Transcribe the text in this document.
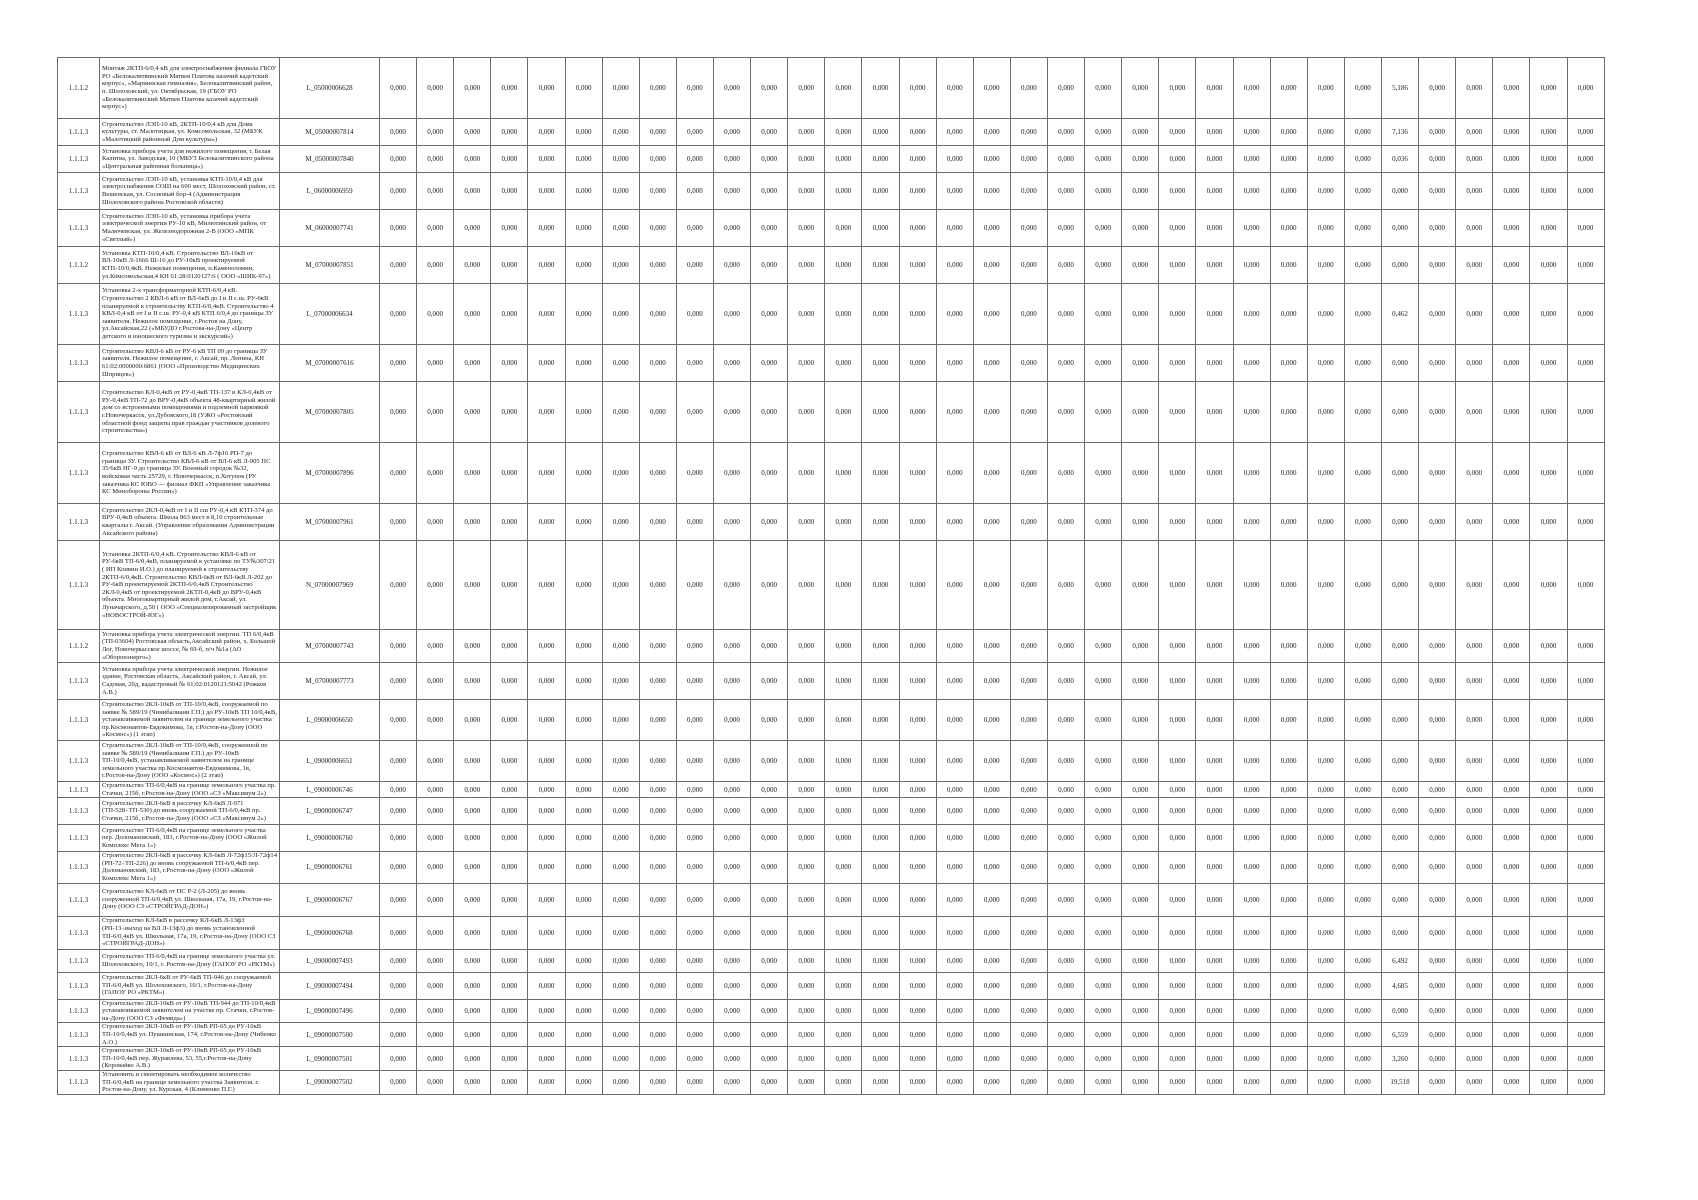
1.1.1.2	Монтаж 2КТП-6/0,4 кВ для электроснабжения филиала ГБОУ РО «Белокалитвинский Матвея Платова казачий кадетский корпус», «Мариинская гимназия», Белокалитвинский район, п. Шолоховский, ул. Октябрьская, 19 (ГБОУ РО «Белокалитвинский Матвея Платова казачий кадетский корпус»)	L_05000006628	0,000	0,000	0,000	0,000	0,000	0,000	0,000	0,000	0,000	0,000	0,000	0,000	0,000	0,000	0,000	0,000	0,000	0,000	0,000	0,000	0,000	0,000	0,000	0,000	0,000	0,000	0,000	5,186	0,000	0,000	0,000	0,000	0,000
1.1.1.3	Строительство ЛЭП-10 кВ, 2КТП-10/0,4 кВ для Дома культуры, ст. Малотицкая, ул. Комсомольская, 32 (МБУК «Малотицкий районный Дом культуры»)	M_05000007814	0,000	0,000	0,000	0,000	0,000	0,000	0,000	0,000	0,000	0,000	0,000	0,000	0,000	0,000	0,000	0,000	0,000	0,000	0,000	0,000	0,000	0,000	0,000	0,000	0,000	0,000	0,000	7,136	0,000	0,000	0,000	0,000	0,000
1.1.1.3	Установка прибора учета для нежилого помещения, г. Белая Калитва, ул. Заводская, 10 (МБУЗ Белокалитвинского района «Центральная районная больница»)	M_05000007840	0,000	0,000	0,000	0,000	0,000	0,000	0,000	0,000	0,000	0,000	0,000	0,000	0,000	0,000	0,000	0,000	0,000	0,000	0,000	0,000	0,000	0,000	0,000	0,000	0,000	0,000	0,000	0,036	0,000	0,000	0,000	0,000	0,000
1.1.1.3	Строительство ЛЭП-10 кВ, установка КТП-10/0,4 кВ для электроснабжения СОШ на 600 мест, Шолоховский район, ст. Вешенская, ул. Сосновый бор-4 (Администрация Шолоховского района Ростовской области)	L_06000006959	0,000	0,000	0,000	0,000	0,000	0,000	0,000	0,000	0,000	0,000	0,000	0,000	0,000	0,000	0,000	0,000	0,000	0,000	0,000	0,000	0,000	0,000	0,000	0,000	0,000	0,000	0,000	0,000	0,000	0,000	0,000	0,000	0,000
1.1.1.3	Строительство ЛЭП-10 кВ, установка прибора учета электрической энергии РУ-10 кВ, Милютинский район, от Малючевская, ул. Железнодорожная 2-В (ООО «МПК «Светлый»)	M_06000007741	0,000	0,000	0,000	0,000	0,000	0,000	0,000	0,000	0,000	0,000	0,000	0,000	0,000	0,000	0,000	0,000	0,000	0,000	0,000	0,000	0,000	0,000	0,000	0,000	0,000	0,000	0,000	0,000	0,000	0,000	0,000	0,000	0,000
1.1.1.2	Установка КТП-10/0,4 кВ. Строительство ВЛ-10кВ от ВЛ-10кВ Л-1666 Ш-16 до РУ-10кВ проектируемой КТП-10/0,4кВ. Нежилые помещения, п.Каменоломни, ул.Комсомольская,4 КН 61:28:0120127:6 ( ООО «ШИК-97»)	M_07000007851	0,000	0,000	0,000	0,000	0,000	0,000	0,000	0,000	0,000	0,000	0,000	0,000	0,000	0,000	0,000	0,000	0,000	0,000	0,000	0,000	0,000	0,000	0,000	0,000	0,000	0,000	0,000	0,000	0,000	0,000	0,000	0,000	0,000
1.1.1.3	Установка 2-х трансформаторной КТП-6/0,4 кВ. Строительство 2 КВЛ-6 кВ от ВЛ-6кВ до I и II с.ш. РУ-6кВ планируемой к строительству КТП-6/0,4кВ. Строительство 4 КВЛ-0,4 кВ от I и II с.ш. РУ-0,4 кВ КТП 6/0,4 до границы ЗУ заявителя. Нежилое помещение, г.Ростов на Дону, ул.Аксайская,22 («МБУДО г.Ростова-на-Дону «Центр детского и юношеского туризма и экскурсий»)	L_07000006634	0,000	0,000	0,000	0,000	0,000	0,000	0,000	0,000	0,000	0,000	0,000	0,000	0,000	0,000	0,000	0,000	0,000	0,000	0,000	0,000	0,000	0,000	0,000	0,000	0,000	0,000	0,000	0,462	0,000	0,000	0,000	0,000	0,000
1.1.1.3	Строительство КВЛ-6 кВ от РУ-6 кВ ТП 09 до границы ЗУ заявителя. Нежилое помещение, г. Аксай, пр. Ленина, КН 61:02:0000000:6861 (ООО «Производство Медицинских Шприцев»)	M_07000007616	0,000	0,000	0,000	0,000	0,000	0,000	0,000	0,000	0,000	0,000	0,000	0,000	0,000	0,000	0,000	0,000	0,000	0,000	0,000	0,000	0,000	0,000	0,000	0,000	0,000	0,000	0,000	0,000	0,000	0,000	0,000	0,000	0,000
1.1.1.3	Строительство КЛ-0,4кВ от РУ-0,4кВ ТП-137 и КЛ-0,4кВ от РУ-0,4кВ ТП-72 до ВРУ-0,4кВ объекта 48-квартирный жилой дом со встроенными помещениями и подземной парковкой г.Новочеркасск, ул.Дубовского,18 (УЖО «Ростовский областной фонд защиты прав граждан участников долевого строительства»)	M_07000007805	0,000	0,000	0,000	0,000	0,000	0,000	0,000	0,000	0,000	0,000	0,000	0,000	0,000	0,000	0,000	0,000	0,000	0,000	0,000	0,000	0,000	0,000	0,000	0,000	0,000	0,000	0,000	0,000	0,000	0,000	0,000	0,000	0,000
1.1.1.3	Строительство КВЛ-6 кВ от ВЛ-6 кВ Л-7ф16 РП-7 до границы ЗУ. Строительство КВЛ-6 кВ от ВЛ-6 кВ Л-905 ПС 35/6кВ НГ-9 до границы ЗУ. Военный городок №32, войсковая часть 25729, г. Новочеркасск, п.Хотунок (РУ заказчика КС ЮВО — филиал ФКП «Управление заказчика КС Минобороны России»)	M_07000007896	0,000	0,000	0,000	0,000	0,000	0,000	0,000	0,000	0,000	0,000	0,000	0,000	0,000	0,000	0,000	0,000	0,000	0,000	0,000	0,000	0,000	0,000	0,000	0,000	0,000	0,000	0,000	0,000	0,000	0,000	0,000	0,000	0,000
1.1.1.3	Строительство 2КЛ-0,4кВ от I и II сш РУ-0,4 кВ КТП-374 до ВРУ-0,4кВ объекта. Школа 863 мест в 8,10 строительные кварталы г. Аксай. (Управление образования Администрации Аксайского района)	M_07000007961	0,000	0,000	0,000	0,000	0,000	0,000	0,000	0,000	0,000	0,000	0,000	0,000	0,000	0,000	0,000	0,000	0,000	0,000	0,000	0,000	0,000	0,000	0,000	0,000	0,000	0,000	0,000	0,000	0,000	0,000	0,000	0,000	0,000
1.1.1.3	Установка 2КТП-6/0,4 кВ. Строительство КВЛ-6 кВ от РУ-6кВ ТП-6/0,4кВ, планируемой к установке по ТУ№307/21 ( ИП Конвин И.О.) до планируемой к строительству 2КТП-6/0,4кВ. Строительство КВЛ-6кВ от ВЛ-6кВ Л-202 до РУ-6кВ проектируемой 2КТП-6/0,4кВ Строительство 2КЛ-0,4кВ от проектируемой 2КТП-0,4кВ до ВРУ-0,4кВ объекта. Многоквартирный жилой дом, г.Аксай, ул. Луначарского, д.50 ( ООО «Специализированный застройщик «НОВОСТРОЙ-ЮГ»)	N_07000007969	0,000	0,000	0,000	0,000	0,000	0,000	0,000	0,000	0,000	0,000	0,000	0,000	0,000	0,000	0,000	0,000	0,000	0,000	0,000	0,000	0,000	0,000	0,000	0,000	0,000	0,000	0,000	0,000	0,000	0,000	0,000	0,000	0,000
1.1.1.2	Установка прибора учета электрической энергии. ТП 6/0,4кВ (ТП-03604) Ростовская область,Аксайский район, х. Большой Лог, Новочеркасское шоссе, № 69-б, п/ч №1а (АО «Оборонэнерго»)	M_07000007743	0,000	0,000	0,000	0,000	0,000	0,000	0,000	0,000	0,000	0,000	0,000	0,000	0,000	0,000	0,000	0,000	0,000	0,000	0,000	0,000	0,000	0,000	0,000	0,000	0,000	0,000	0,000	0,000	0,000	0,000	0,000	0,000	0,000
1.1.1.3	Установка прибора учета электрической энергии. Нежилое здание, Ростовская область, Аксайский район, г. Аксай, ул. Садовая, 20д, кадастровый № 61:02:0120121:5042 (Рожков А.В.)	M_07000007773	0,000	0,000	0,000	0,000	0,000	0,000	0,000	0,000	0,000	0,000	0,000	0,000	0,000	0,000	0,000	0,000	0,000	0,000	0,000	0,000	0,000	0,000	0,000	0,000	0,000	0,000	0,000	0,000	0,000	0,000	0,000	0,000	0,000
1.1.1.3	Строительство 2КЛ-10кВ от ТП-10/0,4кВ, сооружаемой по заявке № 589/19 (Чинибалиани Г.П.) до РУ-10кВ ТП 10/0,4кВ, устанавливаемой заявителем на границе земельного участка пр.Космонавтов-Евдокимова, 1в, г.Ростов-на-Дону (ООО «Космос») (1 этап)	L_09000006650	0,000	0,000	0,000	0,000	0,000	0,000	0,000	0,000	0,000	0,000	0,000	0,000	0,000	0,000	0,000	0,000	0,000	0,000	0,000	0,000	0,000	0,000	0,000	0,000	0,000	0,000	0,000	0,000	0,000	0,000	0,000	0,000	0,000
1.1.1.3	Строительство 2КЛ-10кВ от ТП-10/0,4кВ, сооруженной по заявке № 589/19 (Чинибалиани Г.П.) до РУ-10кВ ТП-10/0,4кВ, устанавливаемой заявителем на границе земельного участка пр.Космонавтов-Евдокимова, 1в, г.Ростов-на-Дону (ООО «Космос») (2 этап)	L_09000006651	0,000	0,000	0,000	0,000	0,000	0,000	0,000	0,000	0,000	0,000	0,000	0,000	0,000	0,000	0,000	0,000	0,000	0,000	0,000	0,000	0,000	0,000	0,000	0,000	0,000	0,000	0,000	0,000	0,000	0,000	0,000	0,000	0,000
1.1.1.3	Строительство ТП-6/0,4кВ на границе земельного участка пр. Стачки, 215б, г.Ростов-на-Дону (ООО «СЗ «Максимум 2»)	L_09000006746	0,000	0,000	0,000	0,000	0,000	0,000	0,000	0,000	0,000	0,000	0,000	0,000	0,000	0,000	0,000	0,000	0,000	0,000	0,000	0,000	0,000	0,000	0,000	0,000	0,000	0,000	0,000	0,000	0,000	0,000	0,000	0,000	0,000
1.1.1.3	Строительство 2КЛ-6кВ в рассечку КЛ-6кВ Л-971 (ТП-528÷ТП-530) до вновь сооружаемой ТП-6/0,4кВ пр. Стачки, 215б, г.Ростов-на-Дону (ООО «СЗ «Максимум 2»)	L_09000006747	0,000	0,000	0,000	0,000	0,000	0,000	0,000	0,000	0,000	0,000	0,000	0,000	0,000	0,000	0,000	0,000	0,000	0,000	0,000	0,000	0,000	0,000	0,000	0,000	0,000	0,000	0,000	0,000	0,000	0,000	0,000	0,000	0,000
1.1.1.3	Строительство ТП-6/0,4кВ на границе земельного участка пер. Доломановский, 183, г.Ростов-на-Дону (ООО «Жилой Комплекс Мега 1»)	L_09000006760	0,000	0,000	0,000	0,000	0,000	0,000	0,000	0,000	0,000	0,000	0,000	0,000	0,000	0,000	0,000	0,000	0,000	0,000	0,000	0,000	0,000	0,000	0,000	0,000	0,000	0,000	0,000	0,000	0,000	0,000	0,000	0,000	0,000
1.1.1.3	Строительство 2КЛ-6кВ в рассечку КЛ-6кВ Л-72ф15/Л-72ф14 (РП-72÷ТП-226) до вновь сооружаемой ТП-6/0,4кВ пер. Доломановский, 183, г.Ростов-на-Дону (ООО «Жилой Комплекс Мега 1»)	L_09000006761	0,000	0,000	0,000	0,000	0,000	0,000	0,000	0,000	0,000	0,000	0,000	0,000	0,000	0,000	0,000	0,000	0,000	0,000	0,000	0,000	0,000	0,000	0,000	0,000	0,000	0,000	0,000	0,000	0,000	0,000	0,000	0,000	0,000
1.1.1.3	Строительство КЛ-6кВ от ПС Р-2 (Л-205) до вновь сооруженной ТП-6/0,4кВ ул. Школьная, 17а, 19, г.Ростов-на-Дону (ООО СЗ «СТРОЙГРАД-ДОН»)	L_09000006767	0,000	0,000	0,000	0,000	0,000	0,000	0,000	0,000	0,000	0,000	0,000	0,000	0,000	0,000	0,000	0,000	0,000	0,000	0,000	0,000	0,000	0,000	0,000	0,000	0,000	0,000	0,000	0,000	0,000	0,000	0,000	0,000	0,000
1.1.1.3	Строительство КЛ-6кВ в рассечку КЛ-6кВ Л-13ф3 (РП-13÷выход на ВЛ Л-13ф3) до вновь установленной ТП-6/0,4кВ ул. Школьная, 17а, 19, г.Ростов-на-Дону (ООО СЗ «СТРОЙГРАД-ДОН»)	L_09000006768	0,000	0,000	0,000	0,000	0,000	0,000	0,000	0,000	0,000	0,000	0,000	0,000	0,000	0,000	0,000	0,000	0,000	0,000	0,000	0,000	0,000	0,000	0,000	0,000	0,000	0,000	0,000	0,000	0,000	0,000	0,000	0,000	0,000
1.1.1.3	Строительство ТП-6/0,4кВ на границе земельного участка ул. Шолоховского, 10/1, г. Ростов-на-Дону (ГАПОУ РО «РКТМ»)	L_09000007493	0,000	0,000	0,000	0,000	0,000	0,000	0,000	0,000	0,000	0,000	0,000	0,000	0,000	0,000	0,000	0,000	0,000	0,000	0,000	0,000	0,000	0,000	0,000	0,000	0,000	0,000	0,000	6,492	0,000	0,000	0,000	0,000	0,000
1.1.1.3	Строительство 2КЛ-6кВ от РУ-6кВ ТП-946 до сооружаемой ТП-6/0,4кВ ул. Шолоховского, 10/1, г.Ростов-на-Дону (ГАПОУ РО «РКТМ»)	L_09000007494	0,000	0,000	0,000	0,000	0,000	0,000	0,000	0,000	0,000	0,000	0,000	0,000	0,000	0,000	0,000	0,000	0,000	0,000	0,000	0,000	0,000	0,000	0,000	0,000	0,000	0,000	0,000	4,685	0,000	0,000	0,000	0,000	0,000
1.1.1.3	Строительство 2КЛ-10кВ от РУ-10кВ ТП-944 до ТП-10/0,4кВ устанавливаемой заявителем на участке пр. Стачки, г.Ростов-на-Дону (ООО СЗ «Фемида»)	L_09000007496	0,000	0,000	0,000	0,000	0,000	0,000	0,000	0,000	0,000	0,000	0,000	0,000	0,000	0,000	0,000	0,000	0,000	0,000	0,000	0,000	0,000	0,000	0,000	0,000	0,000	0,000	0,000	0,000	0,000	0,000	0,000	0,000	0,000
1.1.1.3	Строительство 2КЛ-10кВ от РУ-10кВ РП-65 до РУ-10кВ ТП-10/0,4кВ ул. Пушкинская, 174, г.Ростов-на-Дону (Чибенко А.О.)	L_09000007500	0,000	0,000	0,000	0,000	0,000	0,000	0,000	0,000	0,000	0,000	0,000	0,000	0,000	0,000	0,000	0,000	0,000	0,000	0,000	0,000	0,000	0,000	0,000	0,000	0,000	0,000	0,000	6,559	0,000	0,000	0,000	0,000	0,000
1.1.1.3	Строительство 2КЛ-10кВ от РУ-10кВ РП-65 до РУ-10кВ ТП-10/0,4кВ пер. Журавлева, 53, 55,г.Ростов-на-Дону (Коровайко А.В.)	L_09000007501	0,000	0,000	0,000	0,000	0,000	0,000	0,000	0,000	0,000	0,000	0,000	0,000	0,000	0,000	0,000	0,000	0,000	0,000	0,000	0,000	0,000	0,000	0,000	0,000	0,000	0,000	0,000	3,260	0,000	0,000	0,000	0,000	0,000
1.1.1.3	Установить и смонтировать необходимое количество ТП-6/0,4кВ на границе земельного участка Заявителя. г. Ростов-на-Дону, ул. Курская, 4 (Клименко П.Г.)	L_09000007502	0,000	0,000	0,000	0,000	0,000	0,000	0,000	0,000	0,000	0,000	0,000	0,000	0,000	0,000	0,000	0,000	0,000	0,000	0,000	0,000	0,000	0,000	0,000	0,000	0,000	0,000	0,000	19,518	0,000	0,000	0,000	0,000	0,000
